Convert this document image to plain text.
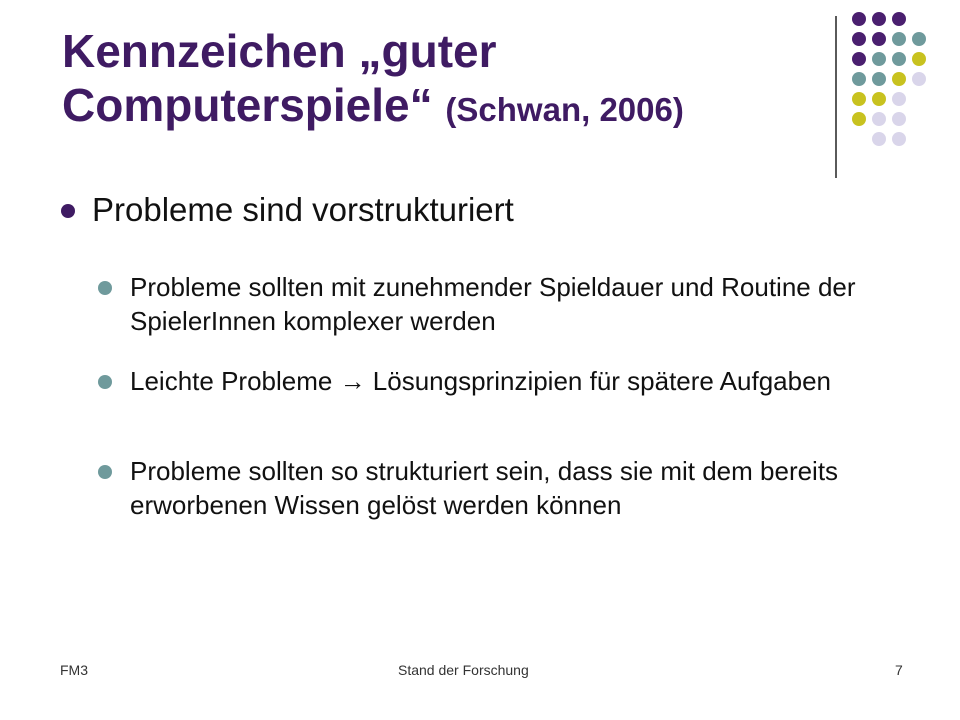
Kennzeichen „guter Computerspiele“ (Schwan, 2006)
Probleme sind vorstrukturiert
Probleme sollten mit zunehmender Spieldauer und Routine der SpielerInnen komplexer werden
Leichte Probleme → Lösungsprinzipien für spätere Aufgaben
Probleme sollten so strukturiert sein, dass sie mit dem bereits erworbenen Wissen gelöst werden können
FM3	Stand der Forschung	7
